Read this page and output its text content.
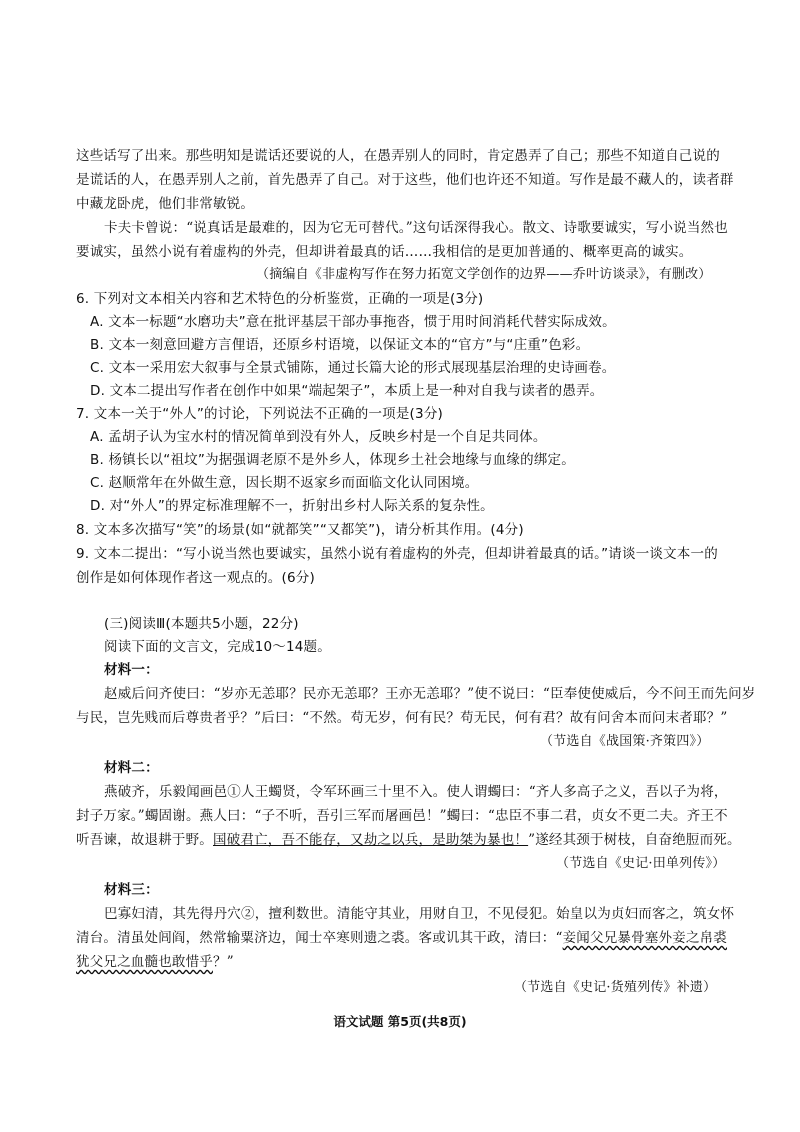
这些话写了出来。那些明知是谎话还要说的人，在愚弄别人的同时，肯定愚弄了自己；那些不知道自己说的
是谎话的人，在愚弄别人之前，首先愚弄了自己。对于这些，他们也许还不知道。写作是最不藏人的，读者群
中藏龙卧虎，他们非常敏锐。
卡夫卡曾说：“说真话是最难的，因为它无可替代。”这句话深得我心。散文、诗歌要诚实，写小说当然也
要诚实，虽然小说有着虚构的外壳，但却讲着最真的话……我相信的是更加普通的、概率更高的诚实。
（摘编自《非虚构写作在努力拓宽文学创作的边界——乔叶访谈录》，有删改）
6. 下列对文本相关内容和艺术特色的分析鉴赏，正确的一项是(3分)
A. 文本一标题“水磨功夫”意在批评基层干部办事拖沓，惯于用时间消耗代替实际成效。
B. 文本一刻意回避方言俚语，还原乡村语境，以保证文本的“官方”与“庄重”色彩。
C. 文本一采用宏大叙事与全景式铺陈，通过长篇大论的形式展现基层治理的史诗画卷。
D. 文本二提出写作者在创作中如果“端起架子”，本质上是一种对自我与读者的愚弄。
7. 文本一关于“外人”的讨论，下列说法不正确的一项是(3分)
A. 孟胡子认为宝水村的情况简单到没有外人，反映乡村是一个自足共同体。
B. 杨镇长以“祖坟”为据强调老原不是外乡人，体现乡土社会地缘与血缘的绑定。
C. 赵顺常年在外做生意，因长期不返家乡而面临文化认同困境。
D. 对“外人”的界定标准理解不一，折射出乡村人际关系的复杂性。
8. 文本多次描写“笑”的场景(如“就都笑”“又都笑”)，请分析其作用。(4分)
9. 文本二提出：“写小说当然也要诚实，虽然小说有着虚构的外壳，但却讲着最真的话。”请谈一谈文本一的
创作是如何体现作者这一观点的。(6分)
(三)阅读Ⅲ(本题共5小题，22分)
阅读下面的文言文，完成10～14题。
材料一：
赵威后问齐使曰：“岁亦无恙耶？民亦无恙耶？王亦无恙耶？”使不说曰：“臣奉使使威后，今不问王而先问岁
与民，岂先贱而后尊贵者乎？”后曰：“不然。苟无岁，何有民？苟无民，何有君？故有问舍本而问末者耶？”
（节选自《战国策·齐策四》）
材料二：
燕破齐，乐毅闻画邑①人王蠋贤，令军环画三十里不入。使人谓蠋曰：“齐人多高子之义，吾以子为将，
封子万家。”蠋固谢。燕人曰：“子不听，吾引三军而屠画邑！”蠋曰：“忠臣不事二君，贞女不更二夫。齐王不
听吾谏，故退耕于野。国破君亡，吾不能存，又劫之以兵，是助桀为暴也！”遂经其颈于树枝，自奋绝脰而死。
（节选自《史记·田单列传》）
材料三：
巴寡妇清，其先得丹穴②，擅利数世。清能守其业，用财自卫，不见侵犯。始皇以为贞妇而客之，筑女怀
清台。清虽处闾阎，然常输粟济边，闻士卒寒则遗之裘。客或讥其干政，清曰：“妾闻父兄暴骨塞外妾之帛裘
犹父兄之血髓也敢惜乎？”
（节选自《史记·货殖列传》补遗）
语文试题 第5页(共8页)
